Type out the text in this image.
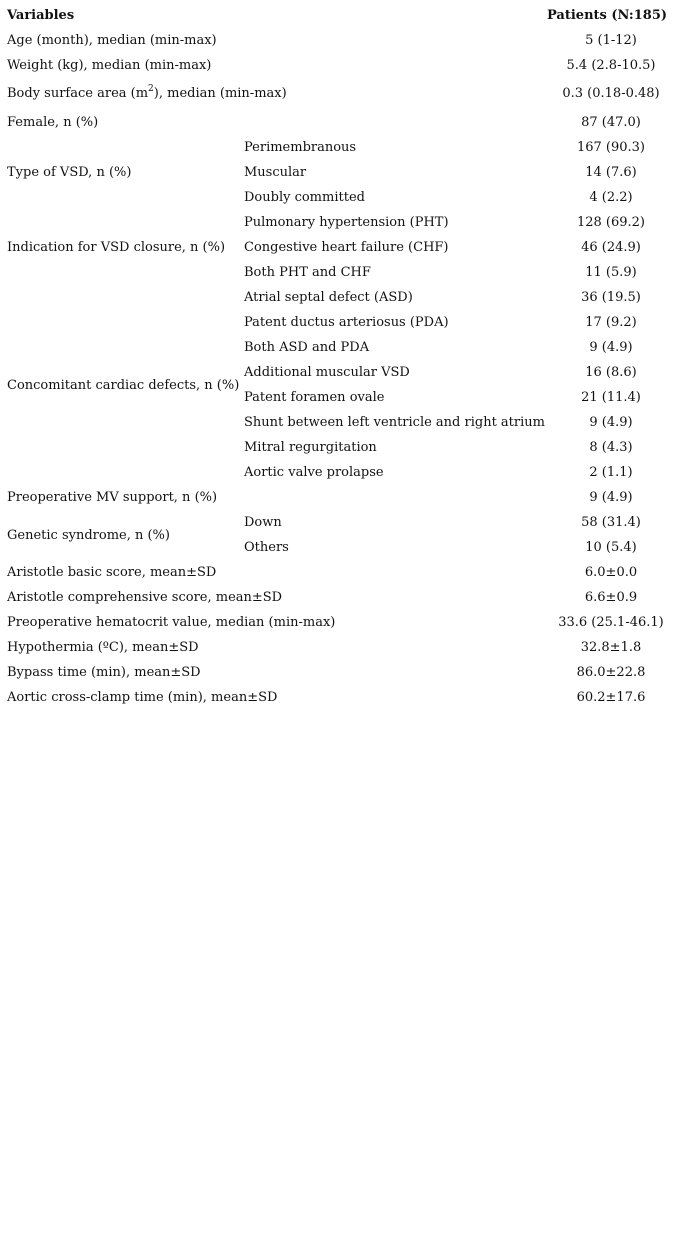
Variables		Patients (N:185)
Age (month), median (min-max)		5 (1-12)
Weight (kg), median (min-max)		5.4 (2.8-10.5)
Body surface area $(m^2)$, median (min-max)		0.3 (0.18-0.48)
Female, n (%)		87 (47.0)
Type of VSD, n (%)	Perimembranous	167 (90.3)
	Muscular	14 (7.6)
	Doubly committed	4 (2.2)
Indication for VSD closure, n (%)	Pulmonary hypertension (PHT)	128 (69.2)
	Congestive heart failure (CHF)	46 (24.9)
	Both PHT and CHF	11 (5.9)
Concomitant cardiac defects, n (%)	Atrial septal defect (ASD)	36 (19.5)
	Patent ductus arteriosus (PDA)	17 (9.2)
	Both ASD and PDA	9 (4.9)
	Additional muscular VSD	16 (8.6)
	Patent foramen ovale	21 (11.4)
	Shunt between left ventricle and right atrium	9 (4.9)
	Mitral regurgitation	8 (4.3)
	Aortic valve prolapse	2 (1.1)
Preoperative MV support, n (%)		9 (4.9)
Genetic syndrome, n (%)	Down	58 (31.4)
	Others	10 (5.4)
Aristotle basic score, mean±SD		6.0±0.0
Aristotle comprehensive score, mean±SD		6.6±0.9
Preoperative hematocrit value, median (min-max)		33.6 (25.1-46.1)
Hypothermia (ºC), mean±SD		32.8±1.8
Bypass time (min), mean±SD		86.0±22.8
Aortic cross-clamp time (min), mean±SD		60.2±17.6
